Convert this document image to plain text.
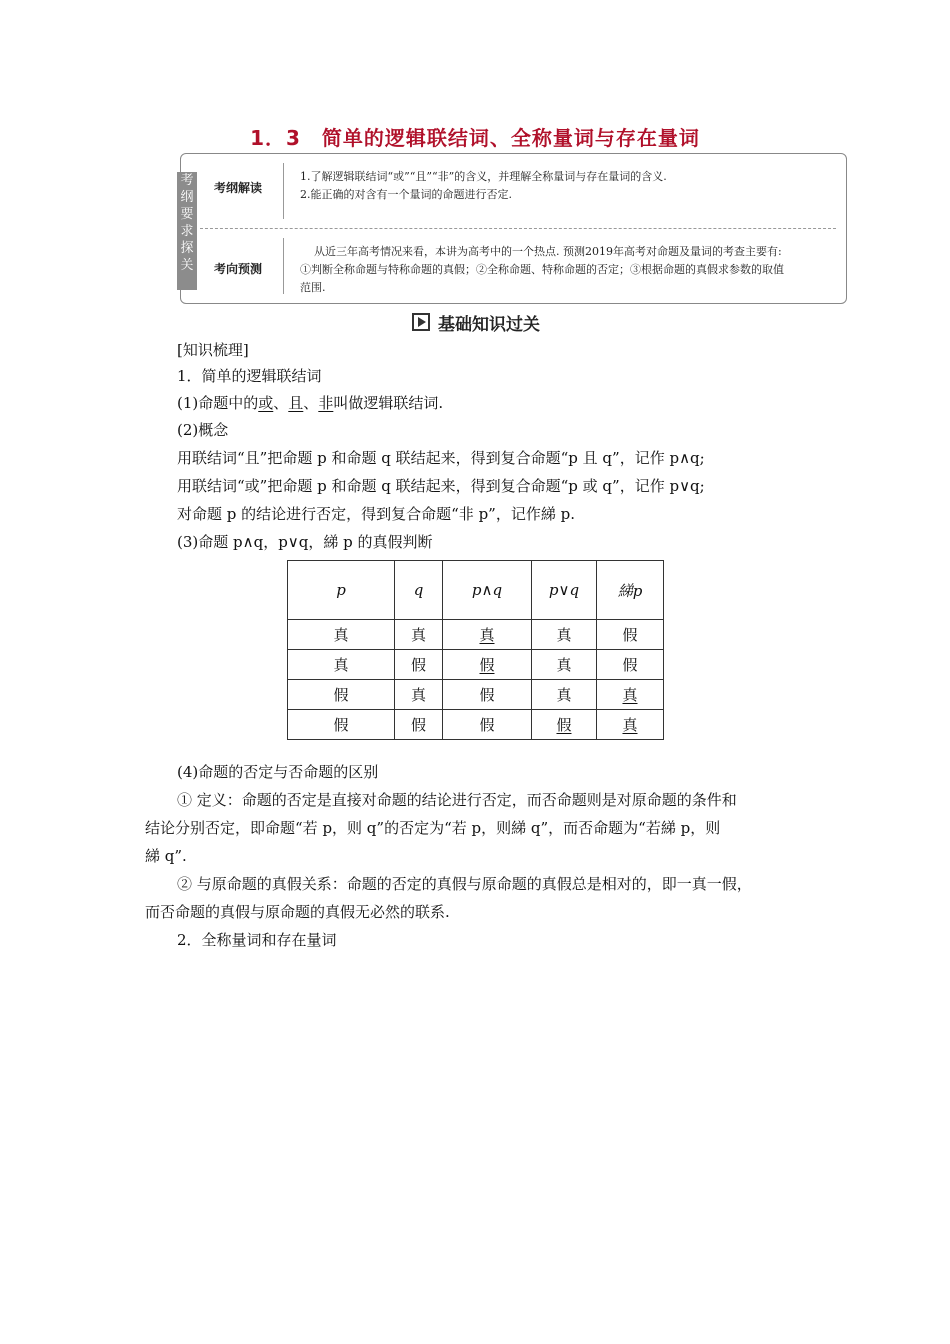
1．3　简单的逻辑联结词、全称量词与存在量词
考
纲
要
求
探
关
考纲解读
1.了解逻辑联结词“或”“且”“非”的含义，并理解全称量词与存在量词的含义.
2.能正确的对含有一个量词的命题进行否定.
考向预测
从近三年高考情况来看，本讲为高考中的一个热点. 预测2019年高考对命题及量词的考查主要有:
①判断全称命题与特称命题的真假；②全称命题、特称命题的否定；③根据命题的真假求参数的取值
范围.
基础知识过关
[知识梳理]
1．简单的逻辑联结词
(1)命题中的或、且、非叫做逻辑联结词.
(2)概念
用联结词“且”把命题 p 和命题 q 联结起来，得到复合命题“p 且 q”，记作 p∧q;
用联结词“或”把命题 p 和命题 q 联结起来，得到复合命题“p 或 q”，记作 p∨q;
对命题 p 的结论进行否定，得到复合命题“非 p”，记作綈 p.
(3)命题 p∧q，p∨q，綈 p 的真假判断
p	q	p∧q	p∨q	綈p
真	真	真	真	假
真	假	假	真	假
假	真	假	真	真
假	假	假	假	真
(4)命题的否定与否命题的区别
① 定义：命题的否定是直接对命题的结论进行否定，而否命题则是对原命题的条件和
结论分别否定，即命题“若 p，则 q”的否定为“若 p，则綈 q”，而否命题为“若綈 p，则
綈 q”.
② 与原命题的真假关系：命题的否定的真假与原命题的真假总是相对的，即一真一假，
而否命题的真假与原命题的真假无必然的联系.
2．全称量词和存在量词
